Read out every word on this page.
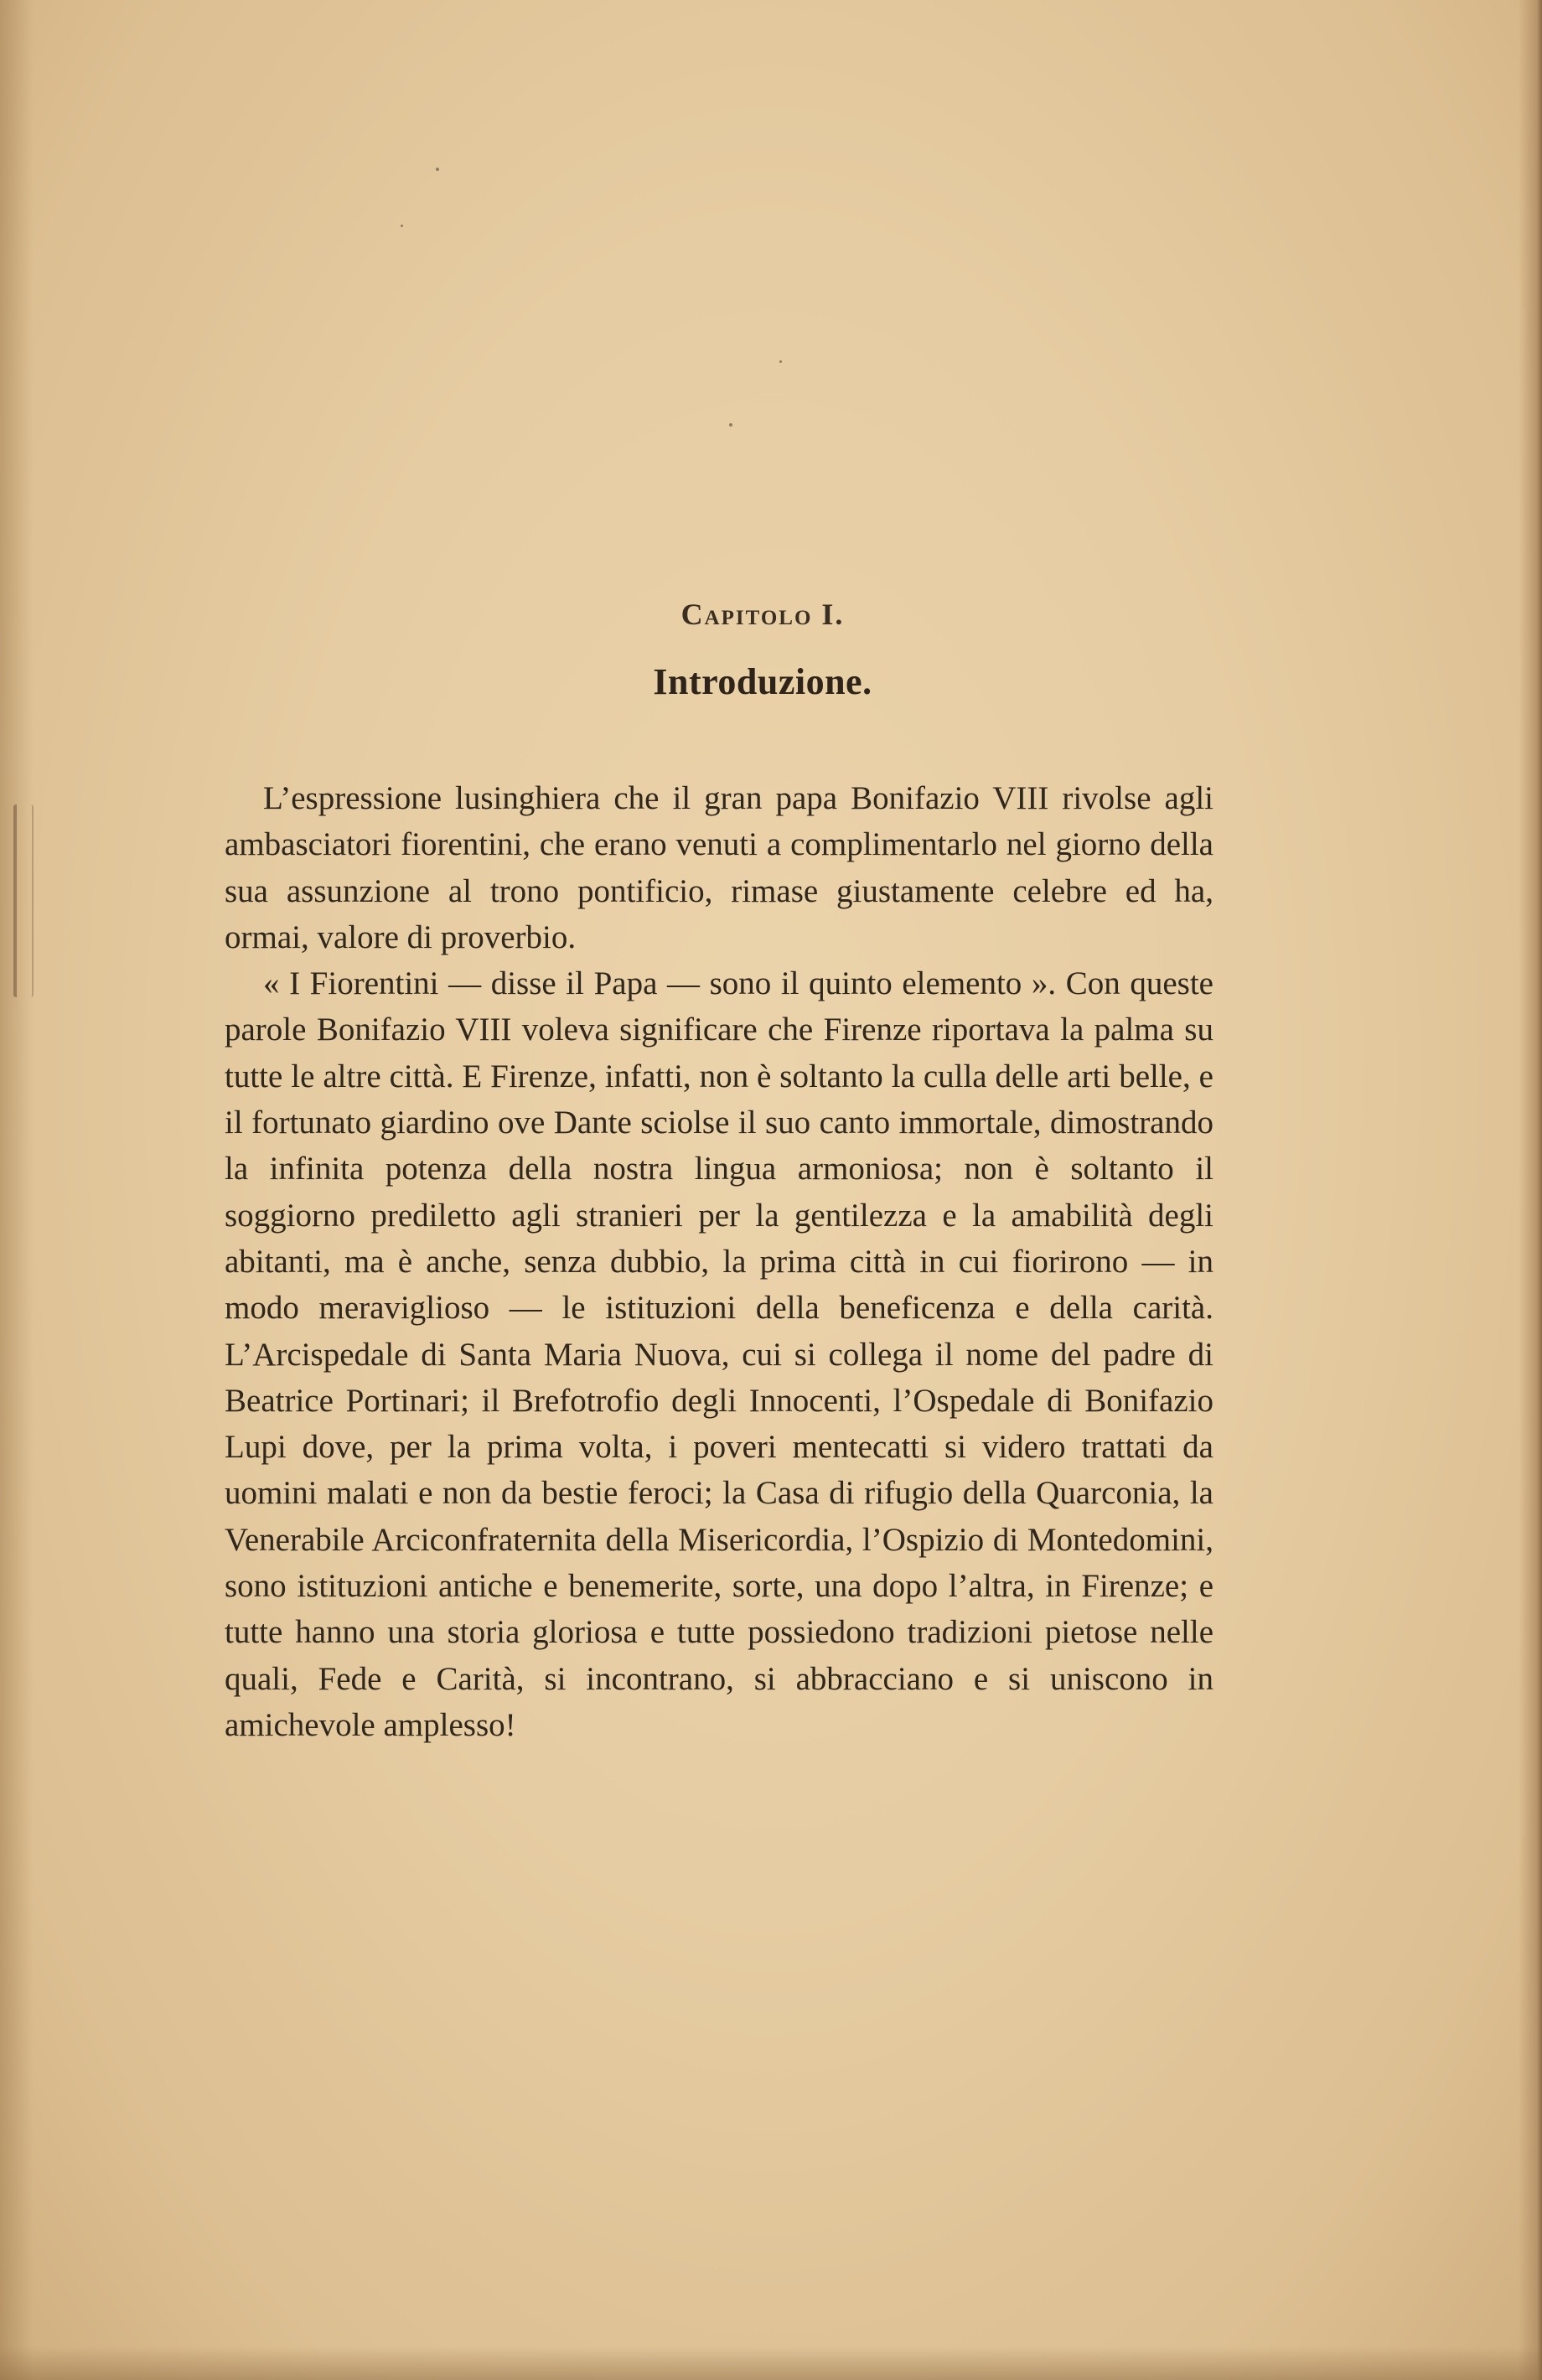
Capitolo I.
Introduzione.

L’espressione lusinghiera che il gran papa Bonifazio VIII rivolse agli ambasciatori fiorentini, che erano venuti a complimentarlo nel giorno della sua assunzione al trono pontificio, rimase giustamente celebre ed ha, ormai, valore di proverbio.

« I Fiorentini — disse il Papa — sono il quinto elemento ». Con queste parole Bonifazio VIII voleva significare che Firenze riportava la palma su tutte le altre città. E Firenze, infatti, non è soltanto la culla delle arti belle, e il fortunato giardino ove Dante sciolse il suo canto immortale, dimostrando la infinita potenza della nostra lingua armoniosa; non è soltanto il soggiorno prediletto agli stranieri per la gentilezza e la amabilità degli abitanti, ma è anche, senza dubbio, la prima città in cui fiorirono — in modo meraviglioso — le istituzioni della beneficenza e della carità. L’Arcispedale di Santa Maria Nuova, cui si collega il nome del padre di Beatrice Portinari; il Brefotrofio degli Innocenti, l’Ospedale di Bonifazio Lupi dove, per la prima volta, i poveri mentecatti si videro trattati da uomini malati e non da bestie feroci; la Casa di rifugio della Quarconia, la Venerabile Arciconfraternita della Misericordia, l’Ospizio di Montedomini, sono istituzioni antiche e benemerite, sorte, una dopo l’altra, in Firenze; e tutte hanno una storia gloriosa e tutte possiedono tradizioni pietose nelle quali, Fede e Carità, si incontrano, si abbracciano e si uniscono in amichevole amplesso!
